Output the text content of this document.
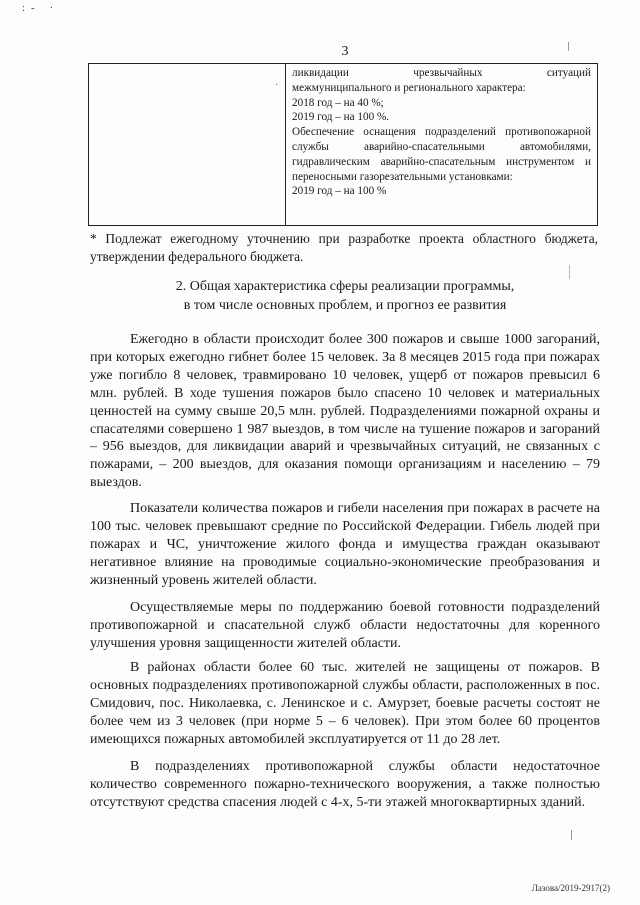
:- ·
3
·

ликвидации чрезвычайных ситуаций

межмуниципального и регионального характера:

2018 год – на 40 %;

2019 год – на 100 %.

Обеспечение оснащения подразделений противопожарной службы аварийно-спасательными автомобилями, гидравлическим аварийно-спасательным инструментом и переносными газорезательными установками:

2019 год – на 100 %

* Подлежат ежегодному уточнению при разработке проекта областного бюджета, утверждении федерального бюджета.

2. Общая характеристика сферы реализации программы,

в том числе основных проблем, и прогноз ее развития

Ежегодно в области происходит более 300 пожаров и свыше 1000 загораний, при которых ежегодно гибнет более 15 человек. За 8 месяцев 2015 года при пожарах уже погибло 8 человек, травмировано 10 человек, ущерб от пожаров превысил 6 млн. рублей. В ходе тушения пожаров было спасено 10 человек и материальных ценностей на сумму свыше 20,5 млн. рублей. Подразделениями пожарной охраны и спасателями совершено 1 987 выездов, в том числе на тушение пожаров и загораний – 956 выездов, для ликвидации аварий и чрезвычайных ситуаций, не связанных с пожарами, – 200 выездов, для оказания помощи организациям и населению – 79 выездов.

Показатели количества пожаров и гибели населения при пожарах в расчете на 100 тыс. человек превышают средние по Российской Федерации. Гибель людей при пожарах и ЧС, уничтожение жилого фонда и имущества граждан оказывают негативное влияние на проводимые социально-экономические преобразования и жизненный уровень жителей области.

Осуществляемые меры по поддержанию боевой готовности подразделений противопожарной и спасательной служб области недостаточны для коренного улучшения уровня защищенности жителей области.

В районах области более 60 тыс. жителей не защищены от пожаров. В основных подразделениях противопожарной службы области, расположенных в пос. Смидович, пос. Николаевка, с. Ленинское и с. Амурзет, боевые расчеты состоят не более чем из 3 человек (при норме 5 – 6 человек). При этом более 60 процентов имеющихся пожарных автомобилей эксплуатируется от 11 до 28 лет.

В подразделениях противопожарной службы области недостаточное количество современного пожарно-технического вооружения, а также полностью отсутствуют средства спасения людей с 4-х, 5-ти этажей многоквартирных зданий.

Лазова/2019-2917(2)
